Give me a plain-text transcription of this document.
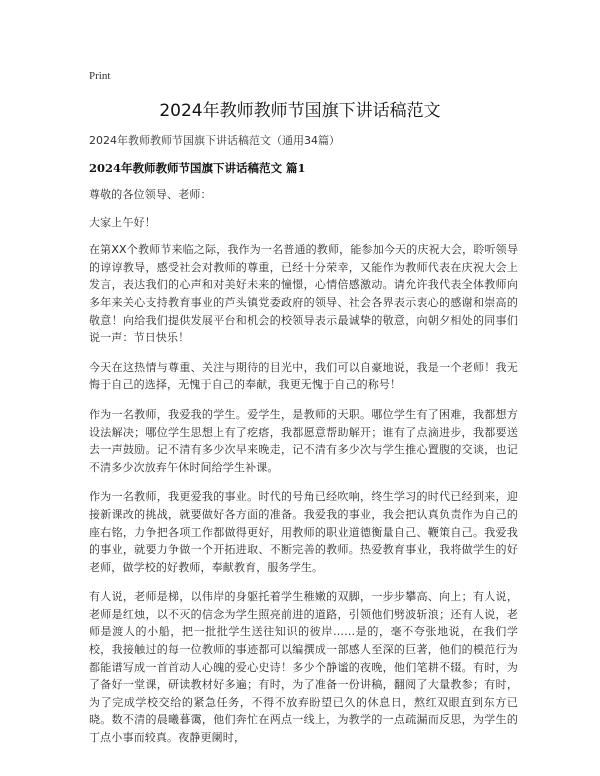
Print
2024年教师教师节国旗下讲话稿范文

2024年教师教师节国旗下讲话稿范文（通用34篇）

2024年教师教师节国旗下讲话稿范文 篇1

尊敬的各位领导、老师：

大家上午好！

在第XX个教师节来临之际，我作为一名普通的教师，能参加今天的庆祝大会，聆听领导的谆谆教导，感受社会对教师的尊重，已经十分荣幸，又能作为教师代表在庆祝大会上发言，表达我们的心声和对美好未来的憧憬，心情倍感激动。请允许我代表全体教师向多年来关心支持教育事业的芦头镇党委政府的领导、社会各界表示衷心的感谢和崇高的敬意！向给我们提供发展平台和机会的校领导表示最诚挚的敬意，向朝夕相处的同事们说一声：节日快乐！

今天在这热情与尊重、关注与期待的目光中，我们可以自豪地说，我是一个老师！我无悔于自己的选择，无愧于自己的奉献，我更无愧于自己的称号！

作为一名教师，我爱我的学生。爱学生，是教师的天职。哪位学生有了困难，我都想方设法解决；哪位学生思想上有了疙瘩，我都愿意帮助解开；谁有了点滴进步，我都要送去一声鼓励。记不清有多少次早来晚走，记不清有多少次与学生推心置腹的交谈，也记不清多少次放弃午休时间给学生补课。

作为一名教师，我更爱我的事业。时代的号角已经吹响，终生学习的时代已经到来，迎接新课改的挑战，就要做好各方面的准备。我爱我的事业，我会把认真负责作为自己的座右铭，力争把各项工作都做得更好，用教师的职业道德衡量自己、鞭策自己。我爱我的事业，就要力争做一个开拓进取、不断完善的教师。热爱教育事业，我将做学生的好老师，做学校的好教师，奉献教育，服务学生。

有人说，老师是梯，以伟岸的身躯托着学生稚嫩的双脚，一步步攀高、向上；有人说，老师是红烛，以不灭的信念为学生照亮前进的道路，引领他们劈波斩浪；还有人说，老师是渡人的小船，把一批批学生送往知识的彼岸……是的，毫不夸张地说，在我们学校，我接触过的每一位教师的事迹都可以编撰成一部感人至深的巨著，他们的模范行为都能谱写成一首首动人心魄的爱心史诗！多少个静谧的夜晚，他们笔耕不辍。有时，为了备好一堂课，研读教材好多遍；有时，为了准备一份讲稿，翻阅了大量教参；有时，为了完成学校交给的紧急任务，不得不放弃盼望已久的休息日，熬红双眼直到东方已晓。数不清的晨曦暮霭，他们奔忙在两点一线上，为教学的一点疏漏而反思，为学生的丁点小事而较真。夜静更阑时，
